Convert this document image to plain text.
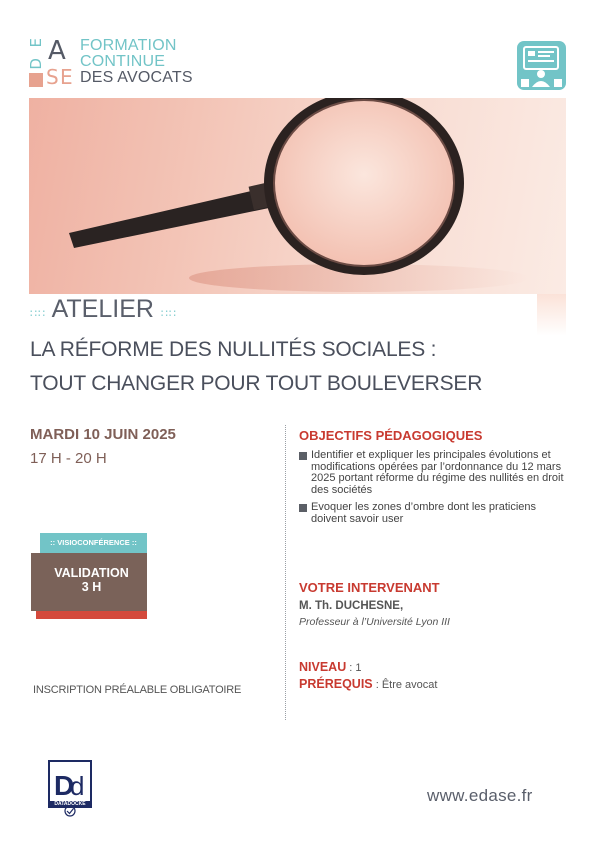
E
D A
S E
FORMATION
CONTINUE
DES AVOCATS
∷∷ ATELIER ∷∷
LA RÉFORME DES NULLITÉS SOCIALES :
TOUT CHANGER POUR TOUT BOULEVERSER
MARDI 10 JUIN 2025
17 H - 20 H
OBJECTIFS PÉDAGOGIQUES
Identifier et expliquer les principales évolutions et modifications opérées par l’ordonnance du 12 mars 2025 portant réforme du régime des nullités en droit des sociétés
Evoquer les zones d’ombre dont les praticiens doivent savoir user
:: VISIOCONFÉRENCE ::
VALIDATION
3 H
INSCRIPTION PRÉALABLE OBLIGATOIRE
VOTRE INTERVENANT
M. Th. DUCHESNE,
Professeur à l’Université Lyon III
NIVEAU : 1
PRÉREQUIS : Être avocat
D
d
DATADOCKÉ	www.edase.fr
